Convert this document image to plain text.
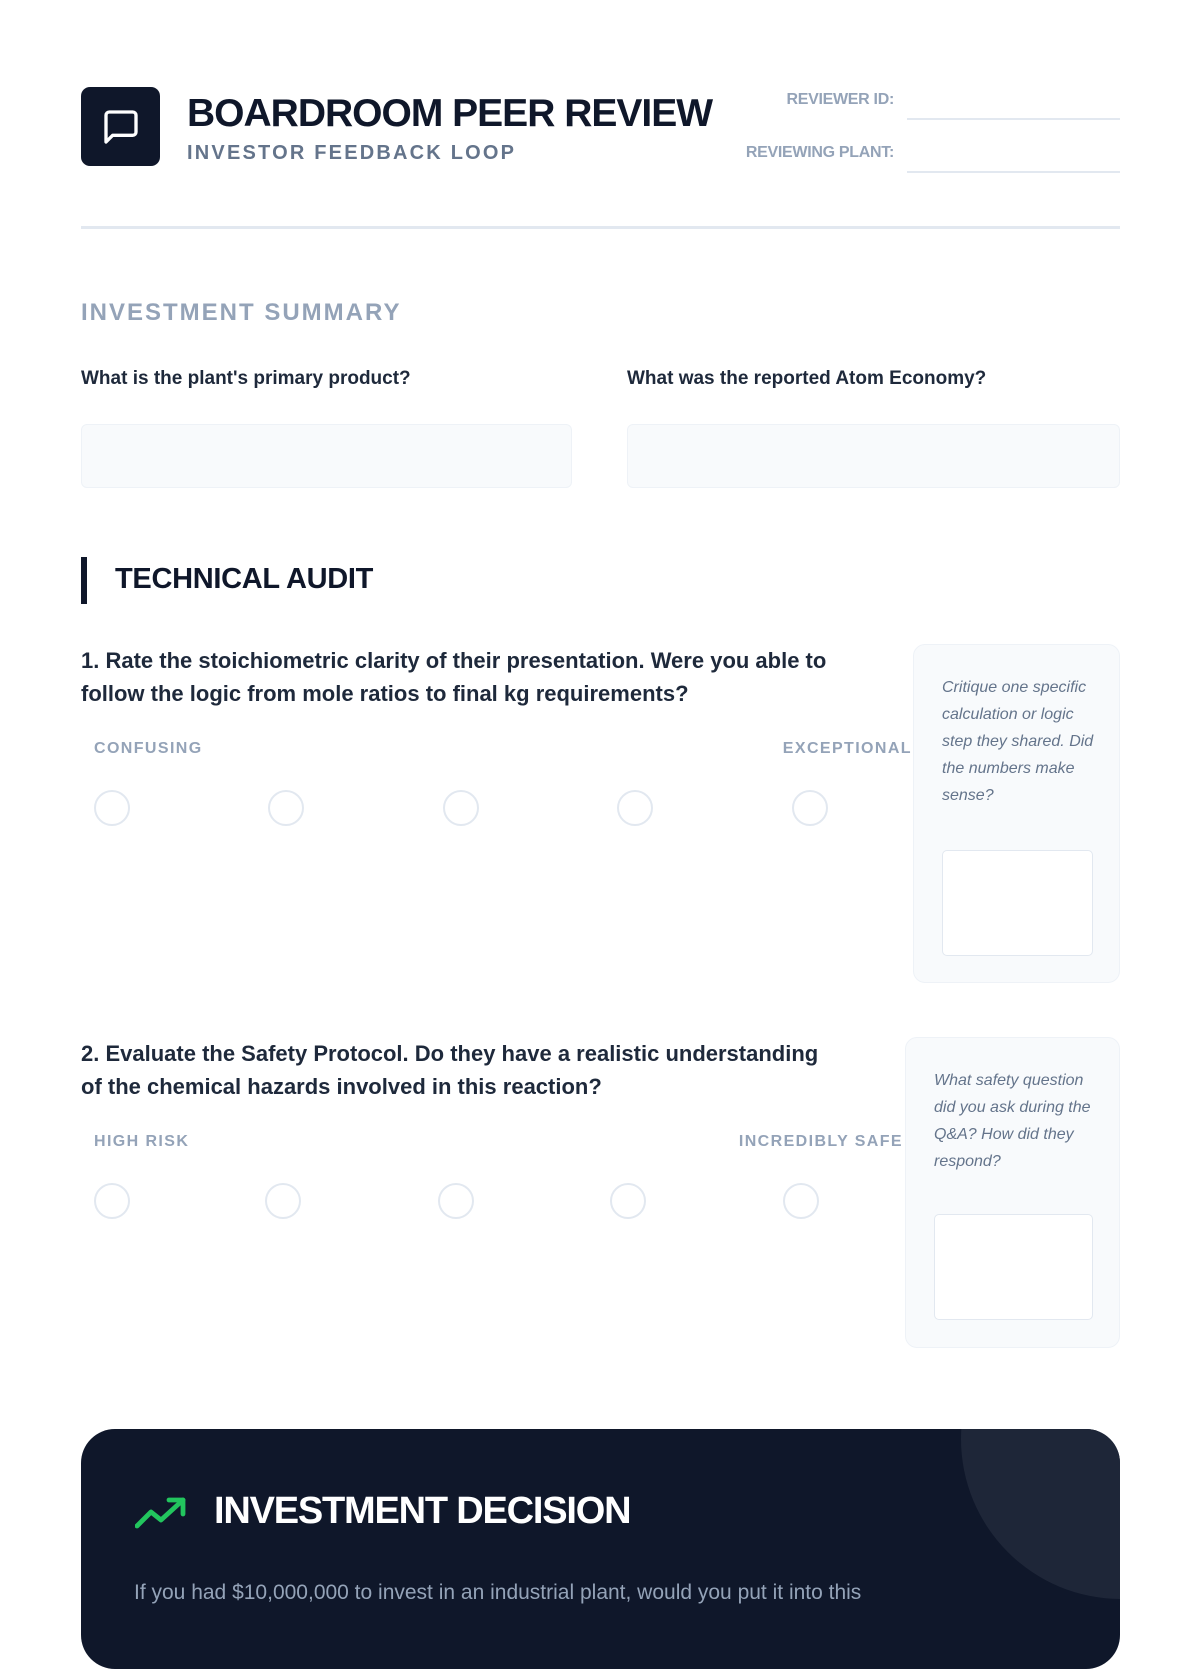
BOARDROOM PEER REVIEW
INVESTOR FEEDBACK LOOP
REVIEWER ID:
REVIEWING PLANT:
INVESTMENT SUMMARY
What is the plant's primary product?	What was the reported Atom Economy?
TECHNICAL AUDIT
1. Rate the stoichiometric clarity of their presentation. Were you able to follow the logic from mole ratios to final kg requirements?
CONFUSING	EXCEPTIONAL
Critique one specific calculation or logic step they shared. Did the numbers make sense?
2. Evaluate the Safety Protocol. Do they have a realistic understanding of the chemical hazards involved in this reaction?
HIGH RISK	INCREDIBLY SAFE
What safety question did you ask during the Q&A? How did they respond?
INVESTMENT DECISION
If you had $10,000,000 to invest in an industrial plant, would you put it into this
